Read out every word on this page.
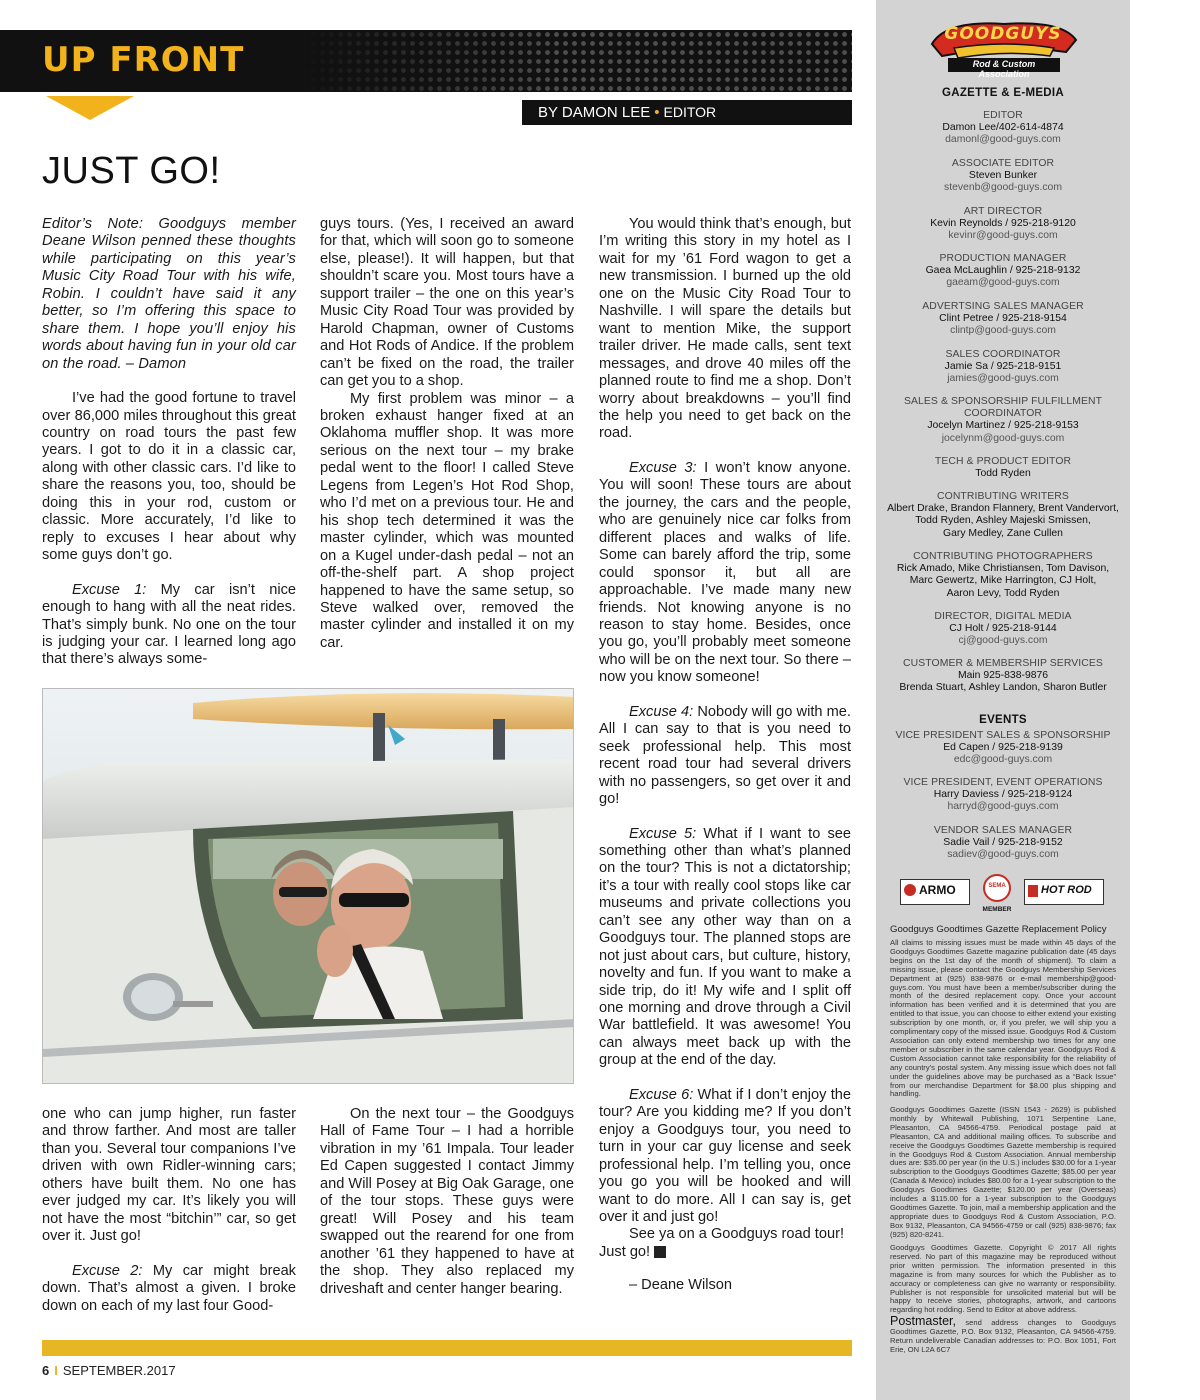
UP FRONT
BY DAMON LEE • EDITOR
JUST GO!

Editor’s Note: Goodguys member Deane Wilson penned these thoughts while participating on this year’s Music City Road Tour with his wife, Robin. I couldn’t have said it any better, so I’m offering this space to share them. I hope you’ll enjoy his words about having fun in your old car on the road. – Damon

I’ve had the good fortune to travel over 86,000 miles throughout this great country on road tours the past few years. I got to do it in a classic car, along with other classic cars. I’d like to share the reasons you, too, should be doing this in your rod, custom or classic. More accurately, I’d like to reply to excuses I hear about why some guys don’t go.

Excuse 1: My car isn’t nice enough to hang with all the neat rides. That’s simply bunk. No one on the tour is judging your car. I learned long ago that there’s always some-

guys tours. (Yes, I received an award for that, which will soon go to someone else, please!). It will happen, but that shouldn’t scare you. Most tours have a support trailer – the one on this year’s Music City Road Tour was provided by Harold Chapman, owner of Customs and Hot Rods of Andice. If the problem can’t be fixed on the road, the trailer can get you to a shop.

My first problem was minor – a broken exhaust hanger fixed at an Oklahoma muffler shop. It was more serious on the next tour – my brake pedal went to the floor! I called Steve Legens from Legen’s Hot Rod Shop, who I’d met on a previous tour. He and his shop tech determined it was the master cylinder, which was mounted on a Kugel under-dash pedal – not an off-the-shelf part. A shop project happened to have the same setup, so Steve walked over, removed the master cylinder and installed it on my car.

You would think that’s enough, but I’m writing this story in my hotel as I wait for my ’61 Ford wagon to get a new transmission. I burned up the old one on the Music City Road Tour to Nashville. I will spare the details but want to mention Mike, the support trailer driver. He made calls, sent text messages, and drove 40 miles off the planned route to find me a shop. Don’t worry about breakdowns – you’ll find the help you need to get back on the road.

Excuse 3: I won’t know anyone. You will soon! These tours are about the journey, the cars and the people, who are genuinely nice car folks from different places and walks of life. Some can barely afford the trip, some could sponsor it, but all are approachable. I’ve made many new friends. Not knowing anyone is no reason to stay home. Besides, once you go, you’ll probably meet someone who will be on the next tour. So there – now you know someone!

Excuse 4: Nobody will go with me. All I can say to that is you need to seek professional help. This most recent road tour had several drivers with no passengers, so get over it and go!

Excuse 5: What if I want to see something other than what’s planned on the tour? This is not a dictatorship; it’s a tour with really cool stops like car museums and private collections you can’t see any other way than on a Goodguys tour. The planned stops are not just about cars, but culture, history, novelty and fun. If you want to make a side trip, do it! My wife and I split off one morning and drove through a Civil War battlefield. It was awesome! You can always meet back up with the group at the end of the day.

Excuse 6: What if I don’t enjoy the tour? Are you kidding me? If you don’t enjoy a Goodguys tour, you need to turn in your car guy license and seek professional help. I’m telling you, once you go you will be hooked and will want to do more. All I can say is, get over it and just go!

See ya on a Goodguys road tour! Just go!	GG

– Deane Wilson

one who can jump higher, run faster and throw farther. And most are taller than you. Several tour companions I’ve driven with own Ridler-winning cars; others have built them. No one has ever judged my car. It’s likely you will not have the most “bitchin’” car, so get over it. Just go!

Excuse 2: My car might break down. That’s almost a given. I broke down on each of my last four Good-

On the next tour – the Goodguys Hall of Fame Tour – I had a horrible vibration in my ’61 Impala. Tour leader Ed Capen suggested I contact Jimmy and Will Posey at Big Oak Garage, one of the tour stops. These guys were great! Will Posey and his team swapped out the rearend for one from another ’61 they happened to have at the shop. They also replaced my driveshaft and center hanger bearing.

6 I SEPTEMBER.2017
GOODGUYS
Rod & Custom Association
GAZETTE & E-MEDIA
EDITOR
Damon Lee/402-614-4874
damonl@good-guys.com
ASSOCIATE EDITOR
Steven Bunker
stevenb@good-guys.com
ART DIRECTOR
Kevin Reynolds / 925-218-9120
kevinr@good-guys.com
PRODUCTION MANAGER
Gaea McLaughlin / 925-218-9132
gaeam@good-guys.com
ADVERTSING SALES MANAGER
Clint Petree / 925-218-9154
clintp@good-guys.com
SALES COORDINATOR
Jamie Sa / 925-218-9151
jamies@good-guys.com
SALES & SPONSORSHIP FULFILLMENT
COORDINATOR
Jocelyn Martinez / 925-218-9153
jocelynm@good-guys.com
TECH & PRODUCT EDITOR
Todd Ryden
CONTRIBUTING WRITERS
Albert Drake, Brandon Flannery, Brent Vandervort,
Todd Ryden, Ashley Majeski Smissen,
Gary Medley, Zane Cullen
CONTRIBUTING PHOTOGRAPHERS
Rick Amado, Mike Christiansen, Tom Davison,
Marc Gewertz, Mike Harrington, CJ Holt,
Aaron Levy, Todd Ryden
DIRECTOR, DIGITAL MEDIA
CJ Holt / 925-218-9144
cj@good-guys.com
CUSTOMER & MEMBERSHIP SERVICES
Main 925-838-9876
Brenda Stuart, Ashley Landon, Sharon Butler
EVENTS
VICE PRESIDENT SALES & SPONSORSHIP
Ed Capen / 925-218-9139
edc@good-guys.com
VICE PRESIDENT, EVENT OPERATIONS
Harry Daviess / 925-218-9124
harryd@good-guys.com
VENDOR SALES MANAGER
Sadie Vail / 925-218-9152
sadiev@good-guys.com
ARMO	SEMA
MEMBER
HOT ROD
Goodguys Goodtimes Gazette Replacement Policy
All claims to missing issues must be made within 45 days of the Goodguys Goodtimes Gazette magazine publication date (45 days begins on the 1st day of the month of shipment). To claim a missing issue, please contact the Goodguys Membership Services Department at (925) 838-9876 or e-mail membership@good-guys.com. You must have been a member/subscriber during the month of the desired replacement copy. Once your account information has been verified and it is determined that you are entitled to that issue, you can choose to either extend your existing subscription by one month, or, if you prefer, we will ship you a complimentary copy of the missed issue. Goodguys Rod & Custom Association can only extend membership two times for any one member or subscriber in the same calendar year. Goodguys Rod & Custom Association cannot take responsibility for the reliability of any country’s postal system. Any missing issue which does not fall under the guidelines above may be purchased as a “Back Issue” from our merchandise Department for $8.00 plus shipping and handling.
Goodguys Goodtimes Gazette (ISSN 1543 - 2629) is published monthly by Whitewall Publishing, 1071 Serpentine Lane, Pleasanton, CA 94566-4759. Periodical postage paid at Pleasanton, CA and additional mailing offices. To subscribe and receive the Goodguys Goodtimes Gazette membership is required in the Goodguys Rod & Custom Association. Annual membership dues are: $35.00 per year (in the U.S.) includes $30.00 for a 1-year subscription to the Goodguys Goodtimes Gazette; $85.00 per year (Canada & Mexico) includes $80.00 for a 1-year subscription to the Goodguys Goodtimes Gazette; $120.00 per year (Overseas) includes a $115.00 for a 1-year subscription to the Goodguys Goodtimes Gazette. To join, mail a membership application and the appropriate dues to Goodguys Rod & Custom Association, P.O. Box 9132, Pleasanton, CA 94566-4759 or call (925) 838-9876; fax (925) 820-8241.
Goodguys Goodtimes Gazette. Copyright © 2017 All rights reserved. No part of this magazine may be reproduced without prior written permission. The information presented in this magazine is from many sources for which the Publisher as to accuracy or completeness can give no warranty or responsibility. Publisher is not responsible for unsolicited material but will be happy to receive stories, photographs, artwork, and cartoons regarding hot rodding. Send to Editor at above address.
Postmaster, send address changes to Goodguys Goodtimes Gazette, P.O. Box 9132, Pleasanton, CA 94566-4759. Return undeliverable Canadian addresses to: P.O. Box 1051, Fort Erie, ON L2A 6C7
